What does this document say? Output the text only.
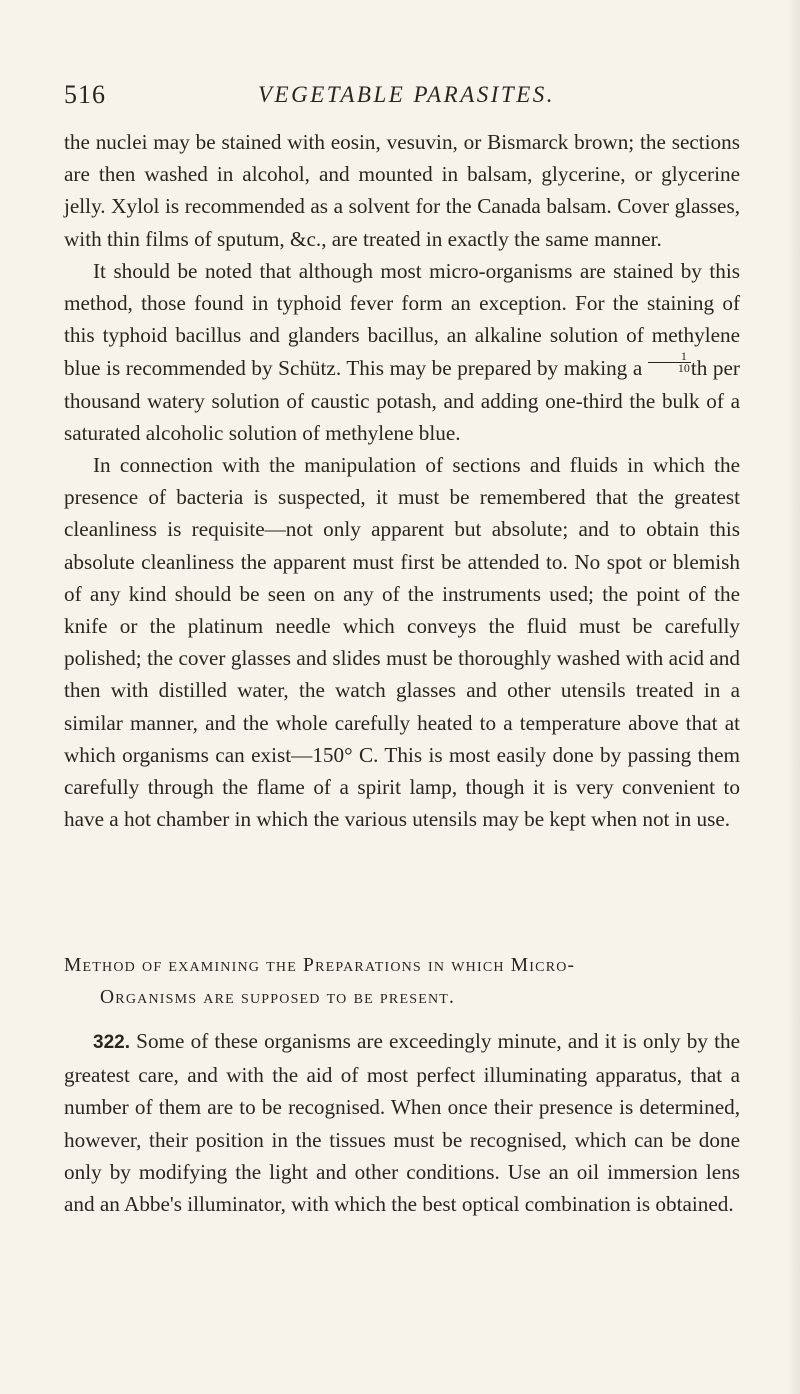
516	VEGETABLE PARASITES.

the nuclei may be stained with eosin, vesuvin, or Bismarck brown; the sections are then washed in alcohol, and mounted in balsam, glycerine, or glycerine jelly. Xylol is recommended as a solvent for the Canada balsam. Cover glasses, with thin films of sputum, &c., are treated in exactly the same manner.

It should be noted that although most micro-organisms are stained by this method, those found in typhoid fever form an exception. For the staining of this typhoid bacillus and glanders bacillus, an alkaline solution of methylene blue is recommended by Schütz. This may be prepared by making a $\frac{1}{10}$ th per thousand watery solution of caustic potash, and adding one-third the bulk of a saturated alcoholic solution of methylene blue.

In connection with the manipulation of sections and fluids in which the presence of bacteria is suspected, it must be remembered that the greatest cleanliness is requisite—not only apparent but absolute; and to obtain this absolute cleanliness the apparent must first be attended to. No spot or blemish of any kind should be seen on any of the instruments used; the point of the knife or the platinum needle which conveys the fluid must be carefully polished; the cover glasses and slides must be thoroughly washed with acid and then with distilled water, the watch glasses and other utensils treated in a similar manner, and the whole carefully heated to a temperature above that at which organisms can exist—150° C. This is most easily done by passing them carefully through the flame of a spirit lamp, though it is very convenient to have a hot chamber in which the various utensils may be kept when not in use.

Method of examining the Preparations in which Micro-
Organisms are supposed to be present.

322. Some of these organisms are exceedingly minute, and it is only by the greatest care, and with the aid of most perfect illuminating apparatus, that a number of them are to be recognised. When once their presence is determined, however, their position in the tissues must be recognised, which can be done only by modifying the light and other conditions. Use an oil immersion lens and an Abbe's illuminator, with which the best optical combination is obtained.
